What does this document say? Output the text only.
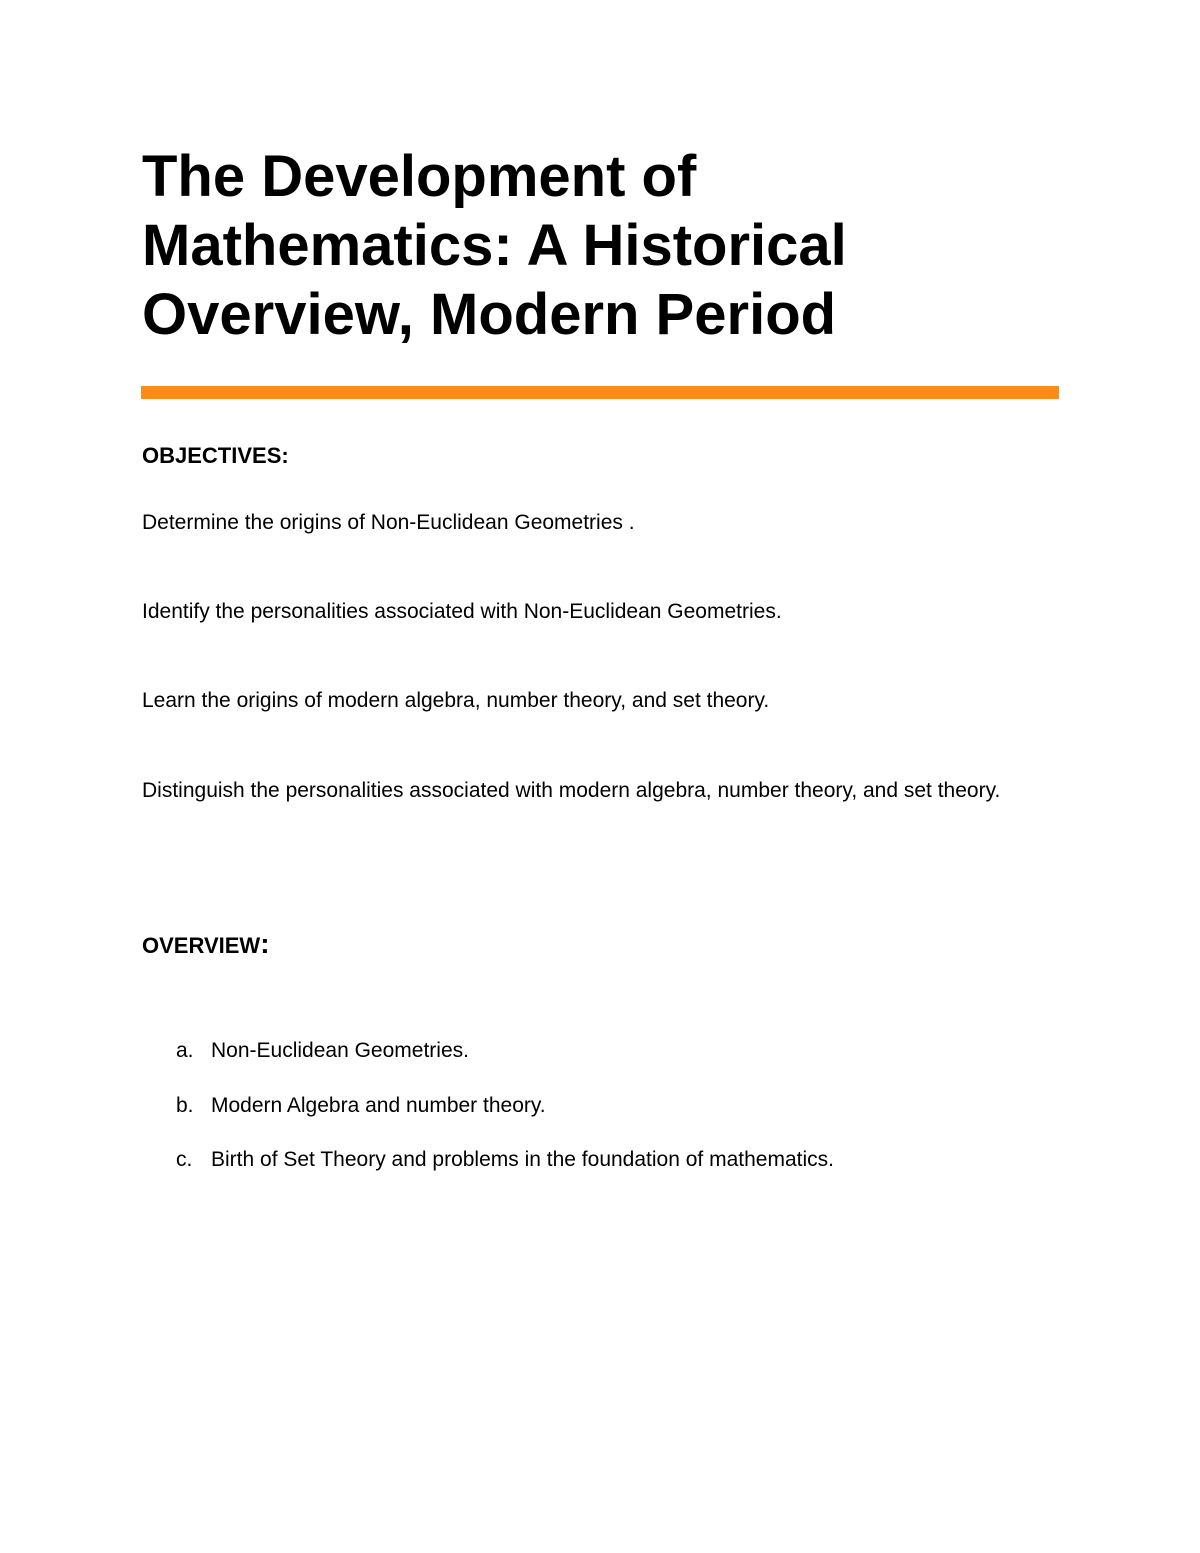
The Development of Mathematics: A Historical Overview, Modern Period
OBJECTIVES:

Determine the origins of Non-Euclidean Geometries .

Identify the personalities associated with Non-Euclidean Geometries.

Learn the origins of modern algebra, number theory, and set theory.

Distinguish the personalities associated with modern algebra, number theory, and set theory.

OVERVIEW:
a. Non-Euclidean Geometries.
b. Modern Algebra and number theory.
c. Birth of Set Theory and problems in the foundation of mathematics.
